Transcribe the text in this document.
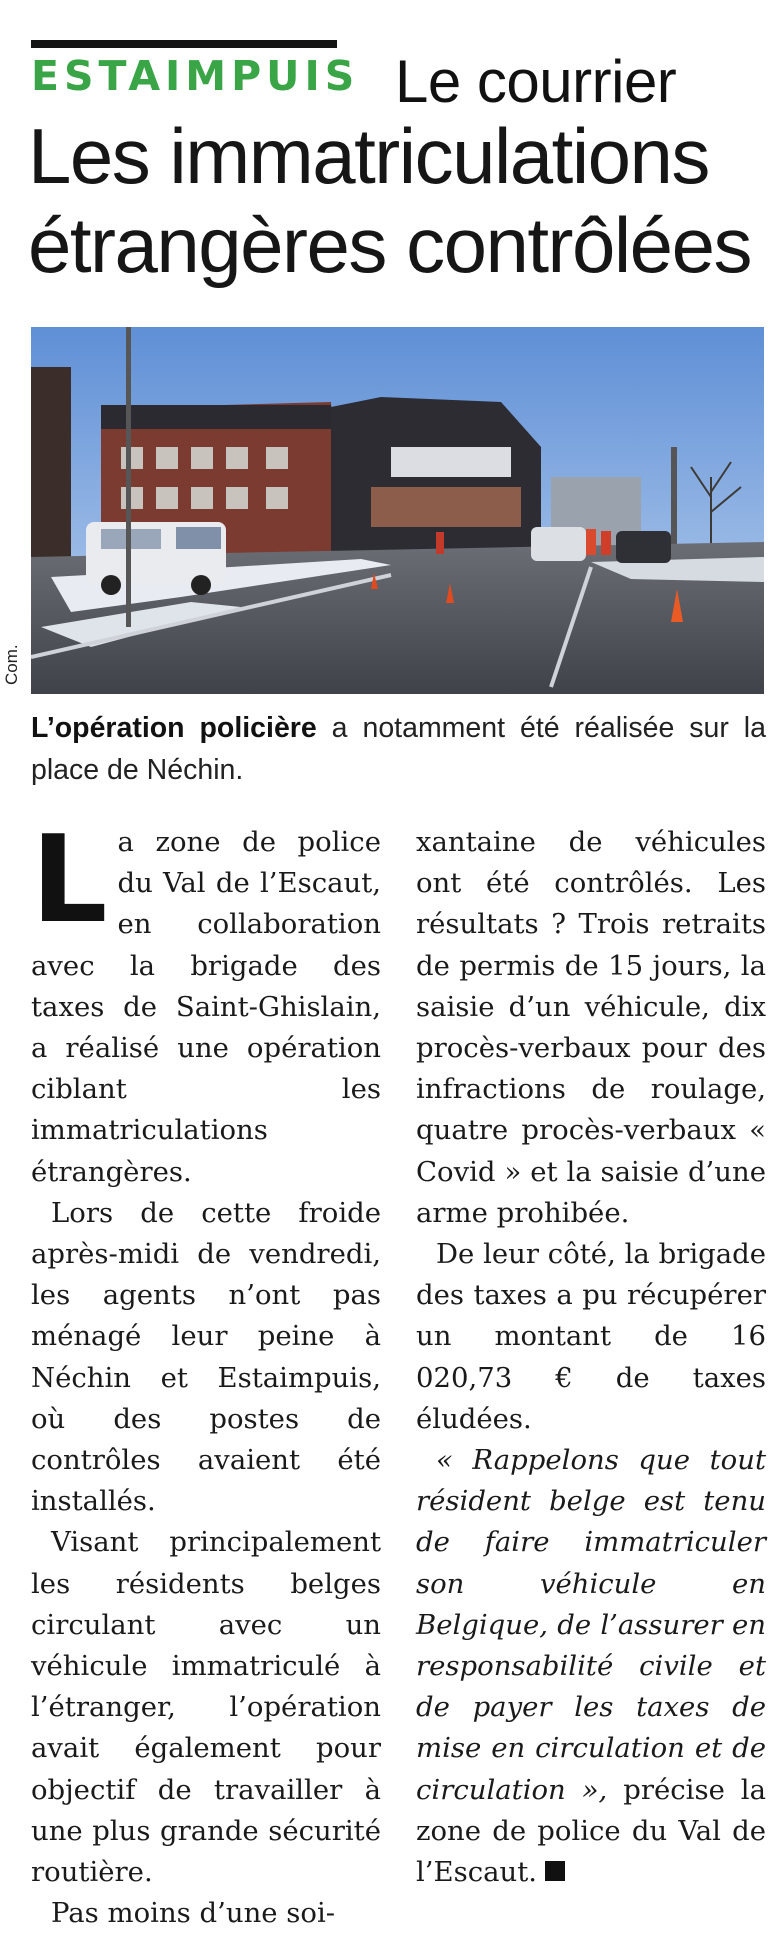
ESTAIMPUIS Le courrier
Les immatriculations étrangères contrôlées
Com.
L’opération policière a notamment été réalisée sur la place de Néchin.

La zone de police du Val de l’Escaut, en collaboration avec la brigade des taxes de Saint-Ghislain, a réalisé une opération ciblant les immatriculations étrangères.

Lors de cette froide après-midi de vendredi, les agents n’ont pas ménagé leur peine à Néchin et Estaimpuis, où des postes de contrôles avaient été installés.

Visant principalement les résidents belges circulant avec un véhicule immatriculé à l’étranger, l’opération avait également pour objectif de travailler à une plus grande sécurité routière.

Pas moins d’une soi-

xantaine de véhicules ont été contrôlés. Les résultats ? Trois retraits de permis de 15 jours, la saisie d’un véhicule, dix procès-verbaux pour des infractions de roulage, quatre procès-verbaux « Covid » et la saisie d’une arme prohibée.

De leur côté, la brigade des taxes a pu récupérer un montant de 16 020,73 € de taxes éludées.

« Rappelons que tout résident belge est tenu de faire immatriculer son véhicule en Belgique, de l’assurer en responsabilité civile et de payer les taxes de mise en circulation et de circulation », précise la zone de police du Val de l’Escaut.
